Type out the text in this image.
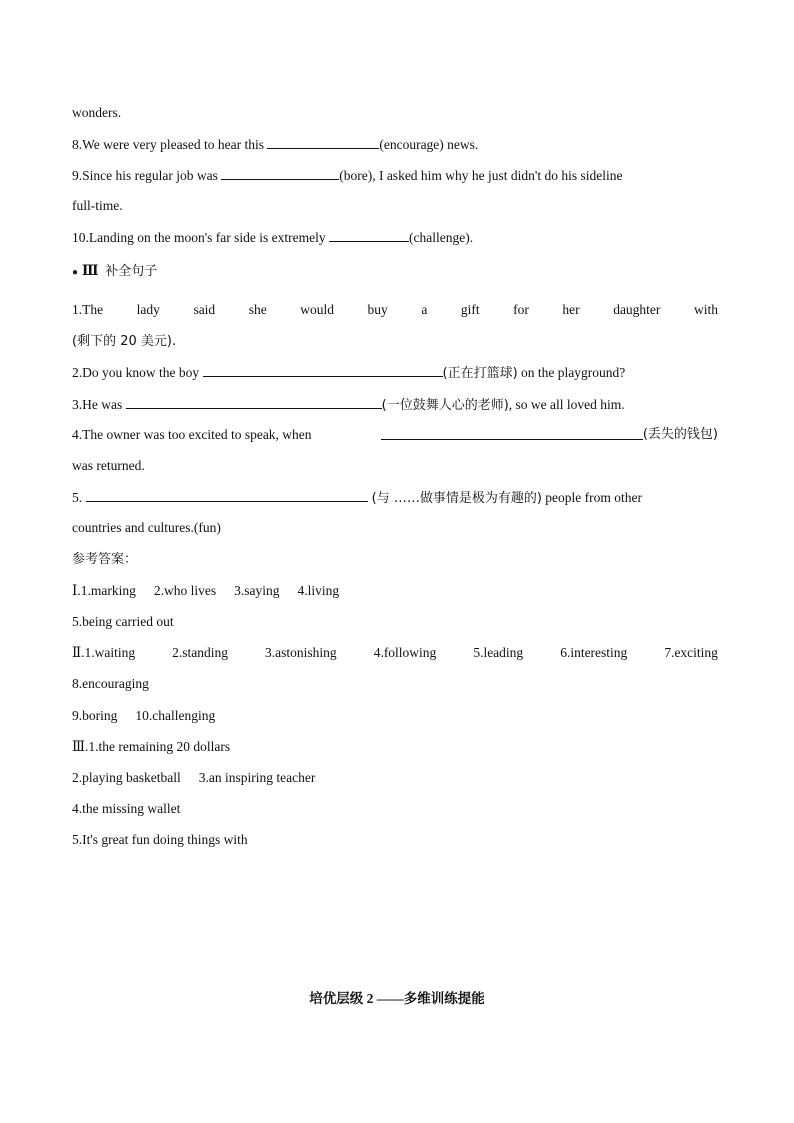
wonders.
8.We were very pleased to hear this	(encourage) news.
9.Since his regular job was	(bore), I asked him why he just didn't do his sideline
full-time.
10.Landing on the moon's far side is extremely	(challenge).
● Ⅲ 补全句子
1.The lady said she would buy a gift for her daughter with
(剩下的 20 美元).
2.Do you know the boy	(正在打篮球) on the playground?
3.He was	(一位鼓舞人心的老师), so we all loved him.
4.The owner was too excited to speak, when	(丢失的钱包)
was returned.
5.	(与 ……做事情是极为有趣的) people from other
countries and cultures.(fun)
参考答案：
Ⅰ.1.marking 2.who lives 3.saying 4.living
5.being carried out
Ⅱ.1.waiting	2.standing	3.astonishing	4.following	5.leading	6.interesting	7.exciting
8.encouraging
9.boring 10.challenging
Ⅲ.1.the remaining 20 dollars
2.playing basketball 3.an inspiring teacher
4.the missing wallet
5.It's great fun doing things with
培优层级 2 ——多维训练提能
